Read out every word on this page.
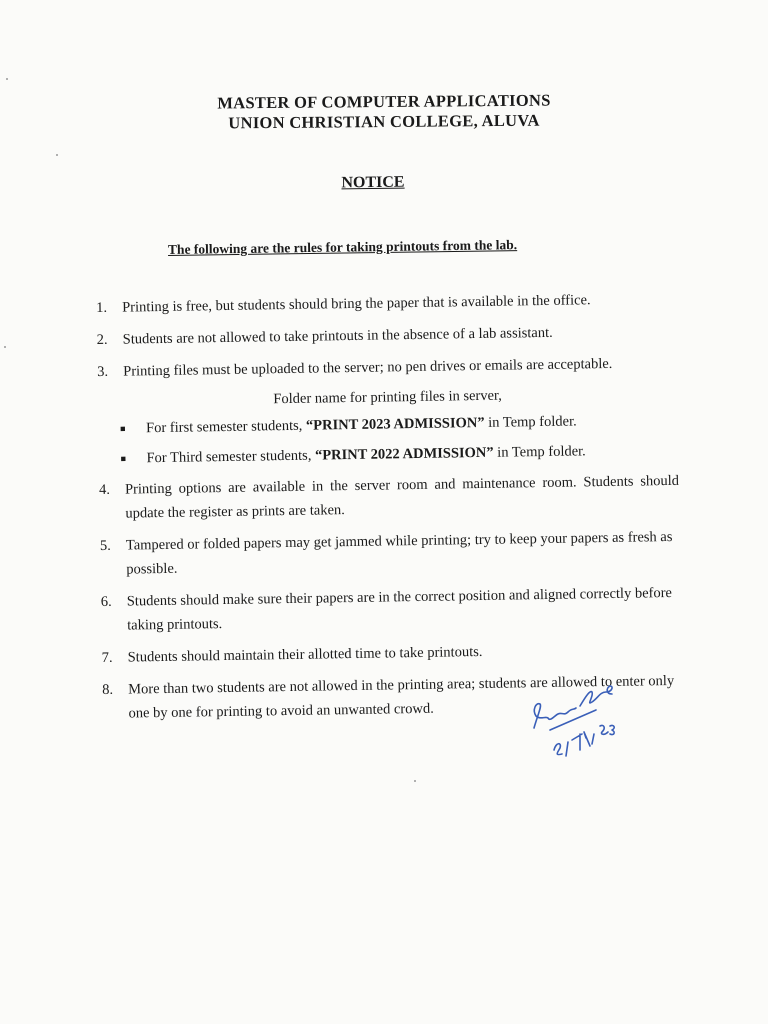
MASTER OF COMPUTER APPLICATIONS
UNION CHRISTIAN COLLEGE, ALUVA
NOTICE
The following are the rules for taking printouts from the lab.
1.	Printing is free, but students should bring the paper that is available in the office.
2.	Students are not allowed to take printouts in the absence of a lab assistant.
3.	Printing files must be uploaded to the server; no pen drives or emails are acceptable.
Folder name for printing files in server,
■	For first semester students, “PRINT 2023 ADMISSION” in Temp folder.
■	For Third semester students, “PRINT 2022 ADMISSION” in Temp folder.
4.	Printing options are available in the server room and maintenance room. Students should update the register as prints are taken.
5.	Tampered or folded papers may get jammed while printing; try to keep your papers as fresh as possible.
6.	Students should make sure their papers are in the correct position and aligned correctly before taking printouts.
7.	Students should maintain their allotted time to take printouts.
8.	More than two students are not allowed in the printing area; students are allowed to enter only one by one for printing to avoid an unwanted crowd.
